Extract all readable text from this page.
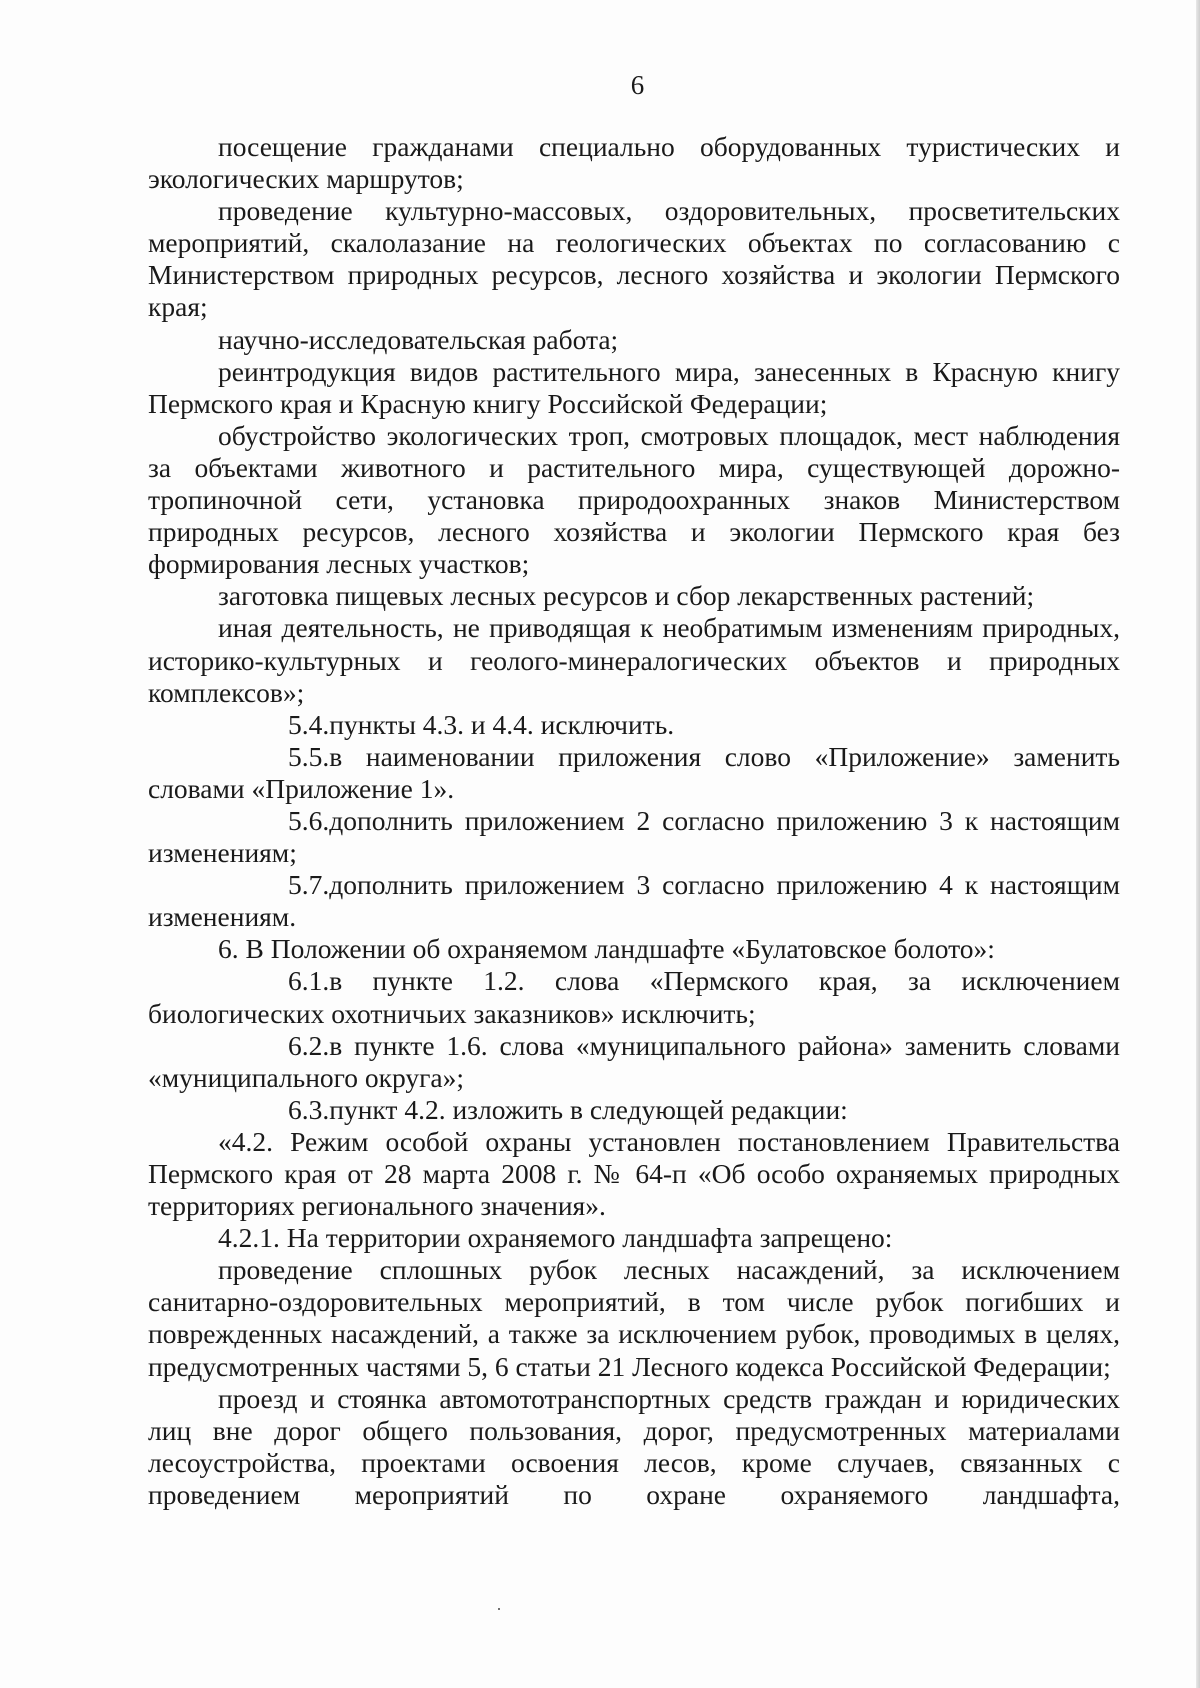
6

посещение гражданами специально оборудованных туристических и экологических маршрутов;

проведение культурно-массовых, оздоровительных, просветительских мероприятий, скалолазание на геологических объектах по согласованию с Министерством природных ресурсов, лесного хозяйства и экологии Пермского края;

научно-исследовательская работа;

реинтродукция видов растительного мира, занесенных в Красную книгу Пермского края и Красную книгу Российской Федерации;

обустройство экологических троп, смотровых площадок, мест наблюдения за объектами животного и растительного мира, существующей дорожно-тропиночной сети, установка природоохранных знаков Министерством природных ресурсов, лесного хозяйства и экологии Пермского края без формирования лесных участков;

заготовка пищевых лесных ресурсов и сбор лекарственных растений;

иная деятельность, не приводящая к необратимым изменениям природных, историко-культурных и геолого-минералогических объектов и природных комплексов»;

5.4.пункты 4.3. и 4.4. исключить.

5.5.в наименовании приложения слово «Приложение» заменить словами «Приложение 1».

5.6.дополнить приложением 2 согласно приложению 3 к настоящим изменениям;

5.7.дополнить приложением 3 согласно приложению 4 к настоящим изменениям.

6. В Положении об охраняемом ландшафте «Булатовское болото»:

6.1.в пункте 1.2. слова «Пермского края, за исключением биологических охотничьих заказников» исключить;

6.2.в пункте 1.6. слова «муниципального района» заменить словами «муниципального округа»;

6.3.пункт 4.2. изложить в следующей редакции:

«4.2. Режим особой охраны установлен постановлением Правительства Пермского края от 28 марта 2008 г. № 64-п «Об особо охраняемых природных территориях регионального значения».

4.2.1. На территории охраняемого ландшафта запрещено:

проведение сплошных рубок лесных насаждений, за исключением санитарно-оздоровительных мероприятий, в том числе рубок погибших и поврежденных насаждений, а также за исключением рубок, проводимых в целях, предусмотренных частями 5, 6 статьи 21 Лесного кодекса Российской Федерации;

проезд и стоянка автомототранспортных средств граждан и юридических лиц вне дорог общего пользования, дорог, предусмотренных материалами лесоустройства, проектами освоения лесов, кроме случаев, связанных с проведением мероприятий по охране охраняемого ландшафта,
